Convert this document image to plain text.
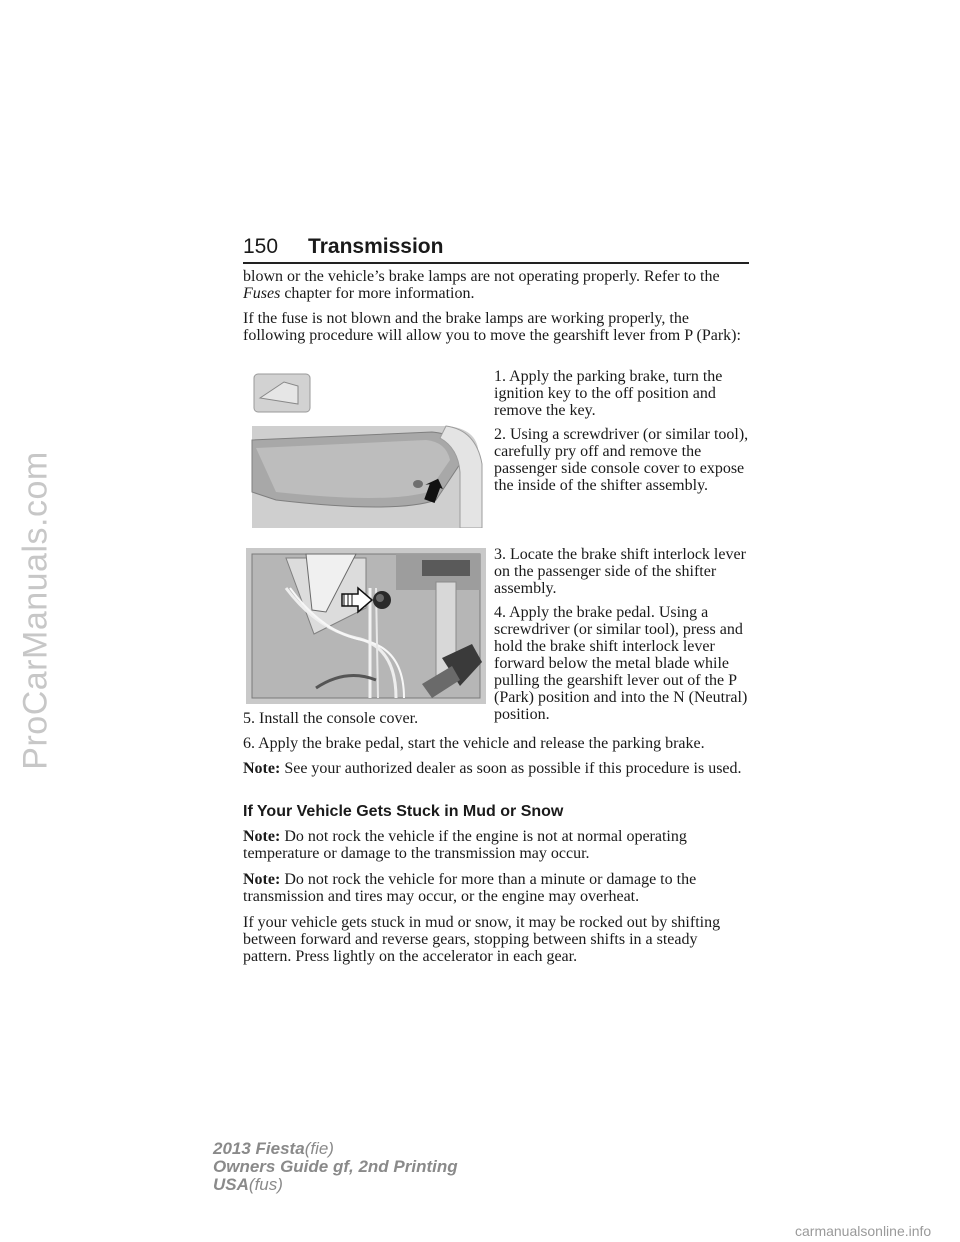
ProCarManuals.com
150 Transmission

blown or the vehicle’s brake lamps are not operating properly. Refer to the Fuses chapter for more information.

If the fuse is not blown and the brake lamps are working properly, the following procedure will allow you to move the gearshift lever from P (Park):

1. Apply the parking brake, turn the ignition key to the off position and remove the key.

2. Using a screwdriver (or similar tool), carefully pry off and remove the passenger side console cover to expose the inside of the shifter assembly.

3. Locate the brake shift interlock lever on the passenger side of the shifter assembly.

4. Apply the brake pedal. Using a screwdriver (or similar tool), press and hold the brake shift interlock lever forward below the metal blade while pulling the gearshift lever out of the P (Park) position and into the N (Neutral) position.

5. Install the console cover.

6. Apply the brake pedal, start the vehicle and release the parking brake.

Note: See your authorized dealer as soon as possible if this procedure is used.

If Your Vehicle Gets Stuck in Mud or Snow

Note: Do not rock the vehicle if the engine is not at normal operating temperature or damage to the transmission may occur.

Note: Do not rock the vehicle for more than a minute or damage to the transmission and tires may occur, or the engine may overheat.

If your vehicle gets stuck in mud or snow, it may be rocked out by shifting between forward and reverse gears, stopping between shifts in a steady pattern. Press lightly on the accelerator in each gear.

2013 Fiesta(fie)
Owners Guide gf, 2nd Printing
USA(fus)
carmanualsonline.info
